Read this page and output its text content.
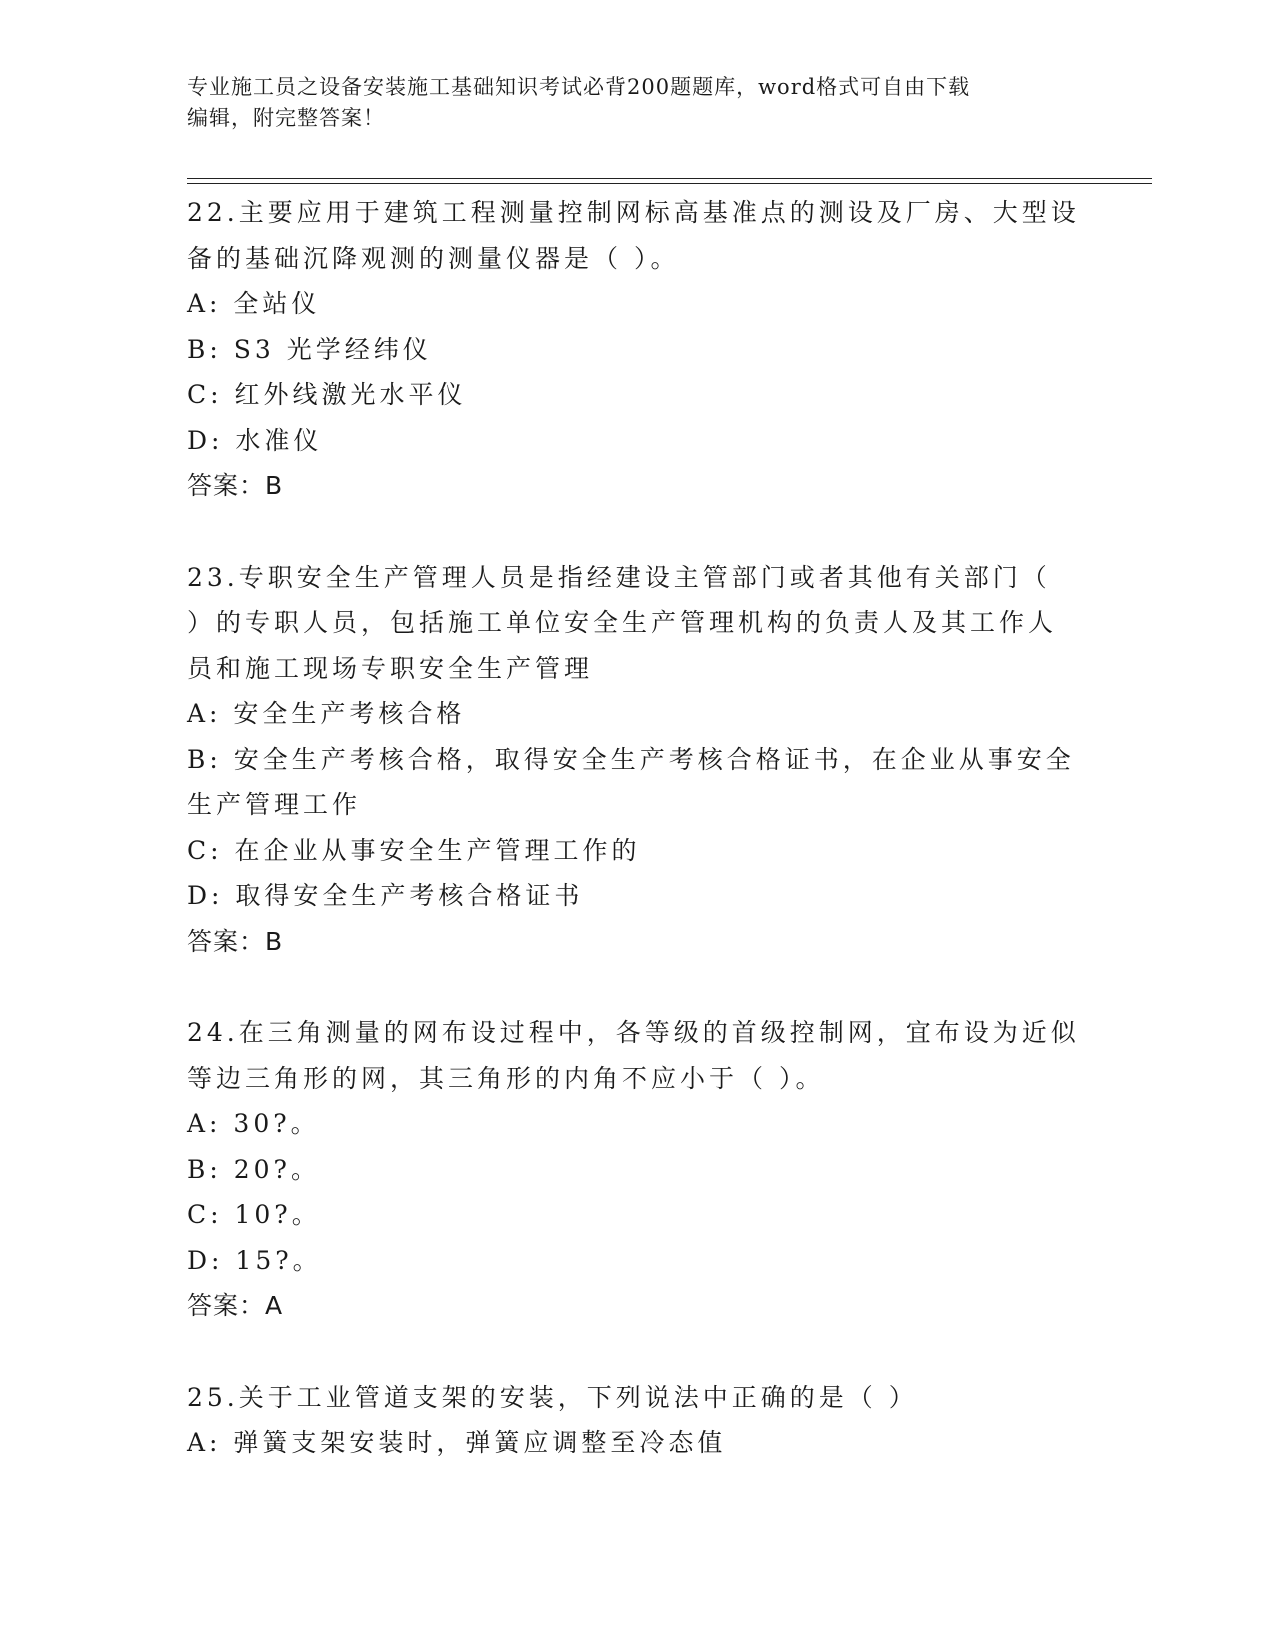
专业施工员之设备安装施工基础知识考试必背200题题库，word格式可自由下载
编辑，附完整答案！
22.主要应用于建筑工程测量控制网标高基准点的测设及厂房、大型设
备的基础沉降观测的测量仪器是（ ）。
A: 全站仪
B: S3 光学经纬仪
C: 红外线激光水平仪
D: 水准仪
答案：B
23.专职安全生产管理人员是指经建设主管部门或者其他有关部门（
）的专职人员，包括施工单位安全生产管理机构的负责人及其工作人
员和施工现场专职安全生产管理
A: 安全生产考核合格
B: 安全生产考核合格，取得安全生产考核合格证书，在企业从事安全
生产管理工作
C: 在企业从事安全生产管理工作的
D: 取得安全生产考核合格证书
答案：B
24.在三角测量的网布设过程中，各等级的首级控制网，宜布设为近似
等边三角形的网，其三角形的内角不应小于（ ）。
A: 30?。
B: 20?。
C: 10?。
D: 15?。
答案：A
25.关于工业管道支架的安装，下列说法中正确的是（ ）
A: 弹簧支架安装时，弹簧应调整至冷态值
